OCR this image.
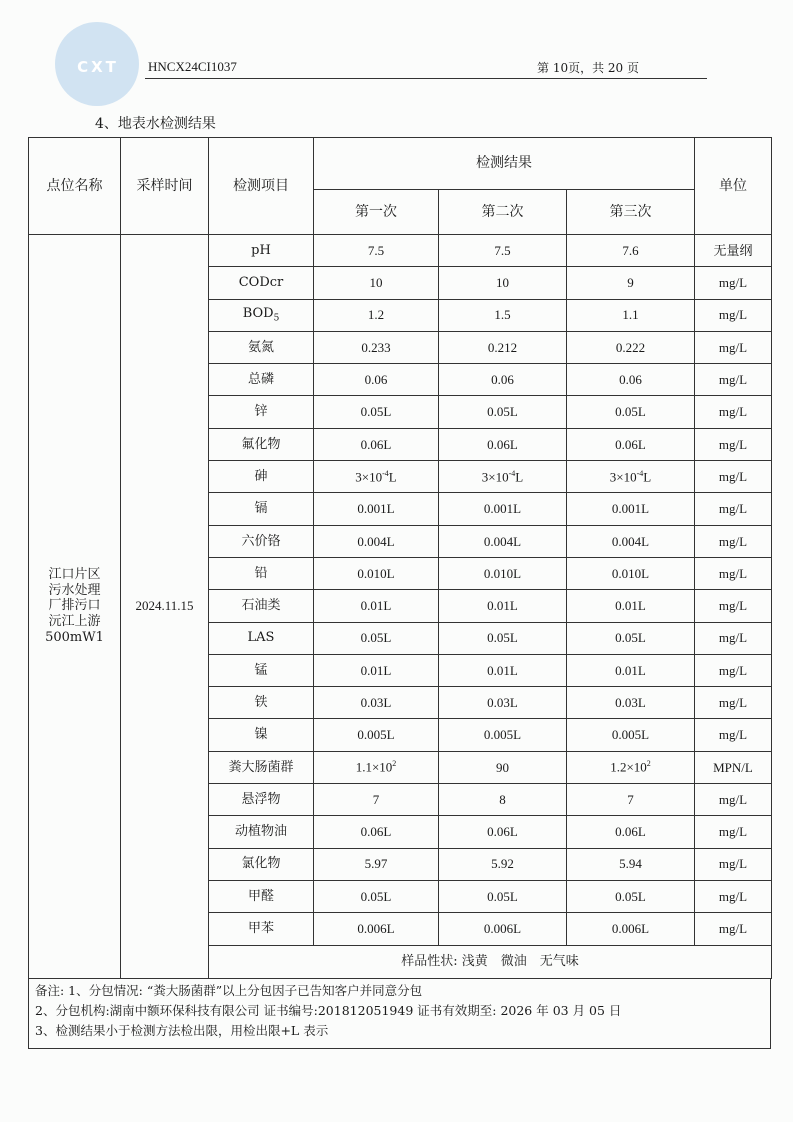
CXT	HNCX24CI1037	第 10页，共 20 页
4、地表水检测结果
点位名称	采样时间	检测项目	检测结果			单位
			第一次	第二次	第三次	

江口片区
污水处理
厂排污口
沅江上游
500mW1	2024.11.15	pH	7.5	7.5	7.6	无量纲
		CODcr	10	10	9	mg/L
		$BOD_5$	1.2	1.5	1.1	mg/L
		氨氮	0.233	0.212	0.222	mg/L
		总磷	0.06	0.06	0.06	mg/L
		锌	0.05L	0.05L	0.05L	mg/L
		氟化物	0.06L	0.06L	0.06L	mg/L
		砷	$3\times 10^{-4}L$	$3\times 10^{-4}L$	$3\times 10^{-4}L$	mg/L
		镉	0.001L	0.001L	0.001L	mg/L
		六价铬	0.004L	0.004L	0.004L	mg/L
		铅	0.010L	0.010L	0.010L	mg/L
		石油类	0.01L	0.01L	0.01L	mg/L
		LAS	0.05L	0.05L	0.05L	mg/L
		锰	0.01L	0.01L	0.01L	mg/L
		铁	0.03L	0.03L	0.03L	mg/L
		镍	0.005L	0.005L	0.005L	mg/L
		粪大肠菌群	$1.1\times 10^2$	90	$1.2\times 10^2$	MPN/L
		悬浮物	7	8	7	mg/L
		动植物油	0.06L	0.06L	0.06L	mg/L
		氯化物	5.97	5.92	5.94	mg/L
		甲醛	0.05L	0.05L	0.05L	mg/L
		甲苯	0.006L	0.006L	0.006L	mg/L
		样品性状: 浅黄　微油　无气味				
备注: 1、分包情况: “粪大肠菌群”以上分包因子已告知客户并同意分包
2、分包机构:湖南中额环保科技有限公司 证书编号:201812051949 证书有效期至: 2026 年 03 月 05 日
3、检测结果小于检测方法检出限，用检出限+L 表示
